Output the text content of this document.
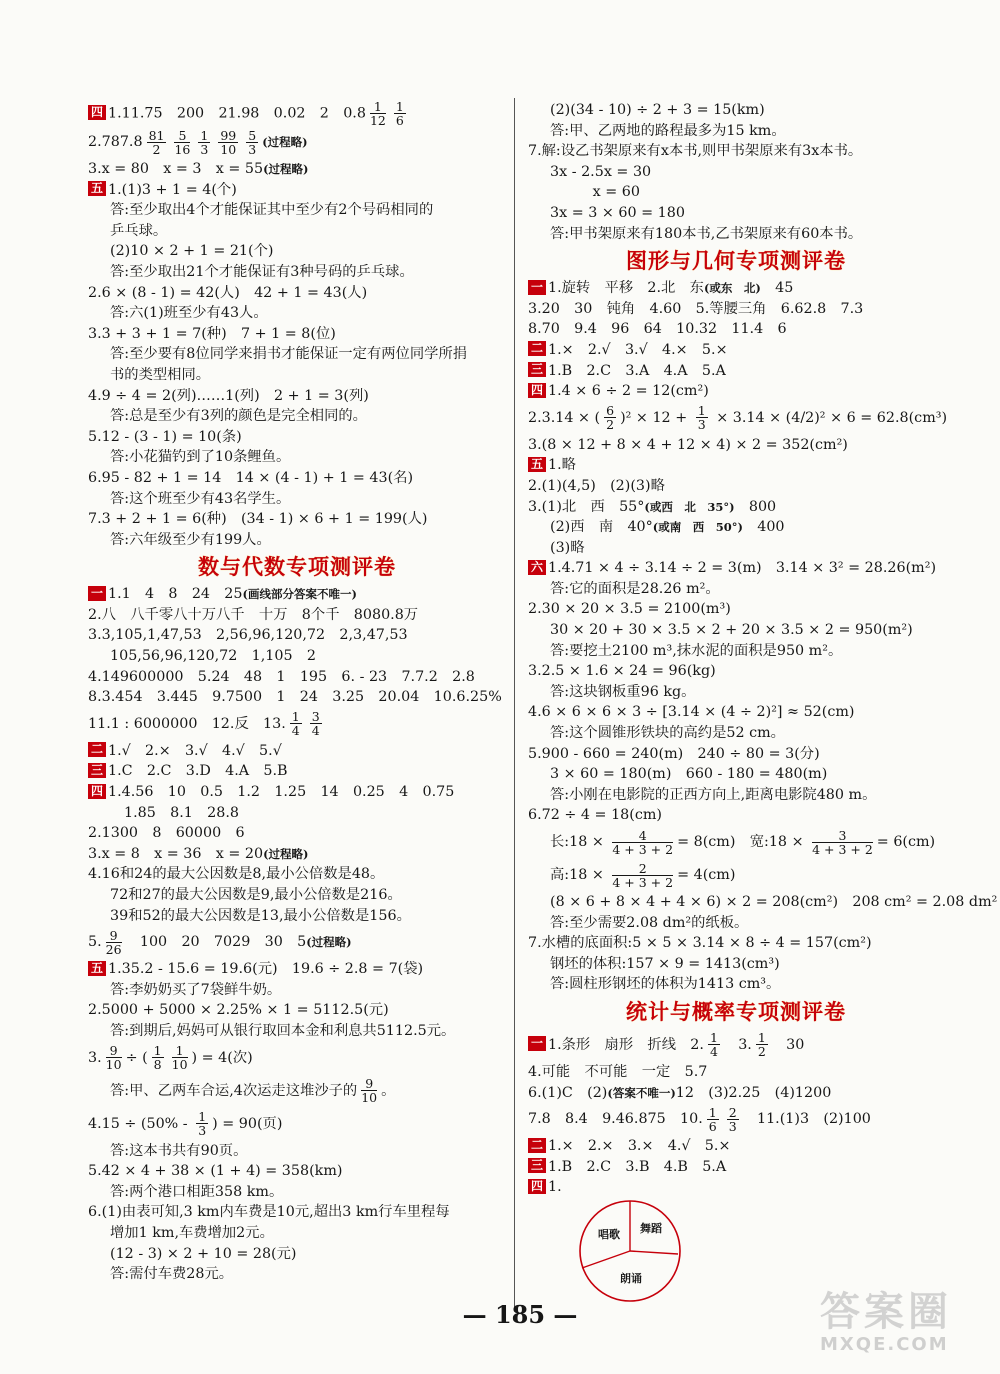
四 1.11.75　200　21.98　0.02　2　$0.8 \frac{1}{12} \frac{1}{6}$
$2.787.8 \frac{81}{2} \frac{5}{16} \frac{1}{3} \frac{99}{10} \frac{5}{3}$ (过程略)
3.x = 80　x = 3　x = 55(过程略)
五 1.(1)3 + 1 = 4(个)
答:至少取出4个才能保证其中至少有2个号码相同的
乒乓球。
(2)10 × 2 + 1 = 21(个)
答:至少取出21个才能保证有3种号码的乒乓球。
2.6 × (8 - 1) = 42(人)　42 + 1 = 43(人)
答:六(1)班至少有43人。
3.3 + 3 + 1 = 7(种)　7 + 1 = 8(位)
答:至少要有8位同学来捐书才能保证一定有两位同学所捐
书的类型相同。
4.9 ÷ 4 = 2(列)……1(列)　2 + 1 = 3(列)
答:总是至少有3列的颜色是完全相同的。
5.12 - (3 - 1) = 10(条)
答:小花猫钓到了10条鲤鱼。
6.95 - 82 + 1 = 14　14 × (4 - 1) + 1 = 43(名)
答:这个班至少有43名学生。
7.3 + 2 + 1 = 6(种)　(34 - 1) × 6 + 1 = 199(人)
答:六年级至少有199人。
数与代数专项测评卷
一 1.1　4　8　24　25(画线部分答案不唯一)
2.八　八千零八十万八千　十万　8个千　8080.8万
3.3,105,1,47,53　2,56,96,120,72　2,3,47,53
105,56,96,120,72　1,105　2
4.149600000　5.24　48　1　195　6. - 23　7.7.2　2.8
8.3.454　3.445　9.7500　1　24　3.25　20.04　10.6.25%
11.1 : 6000000　12.反　13. $\frac{1}{4} \frac{3}{4}$
二 1.√　2.×　3.√　4.√　5.√
三 1.C　2.C　3.D　4.A　5.B
四 1.4.56　10　0.5　1.2　1.25　14　0.25　4　0.75
1.85　8.1　28.8
2.1300　8　60000　6
3.x = 8　x = 36　x = 20(过程略)
4.16和24的最大公因数是8,最小公倍数是48。
72和27的最大公因数是9,最小公倍数是216。
39和52的最大公因数是13,最小公倍数是156。
5. $\frac{9}{26}$ 　100　20　7029　30　5(过程略)
五 1.35.2 - 15.6 = 19.6(元)　19.6 ÷ 2.8 = 7(袋)
答:李奶奶买了7袋鲜牛奶。
2.5000 + 5000 × 2.25% × 1 = 5112.5(元)
答:到期后,妈妈可从银行取回本金和利息共5112.5元。
3. $\frac{9}{10}$ ÷ ( $\frac{1}{8} \frac{1}{10}$ ) = 4(次)
答:甲、乙两车合运,4次运走这堆沙子的 $\frac{9}{10}$ 。
$4.15 \div (50\% - \frac{1}{3}$ ) = 90(页)
答:这本书共有90页。
5.42 × 4 + 38 × (1 + 4) = 358(km)
答:两个港口相距358 km。
6.(1)由表可知,3 km内车费是10元,超出3 km行车里程每
增加1 km,车费增加2元。
(12 - 3) × 2 + 10 = 28(元)
答:需付车费28元。
(2)(34 - 10) ÷ 2 + 3 = 15(km)
答:甲、乙两地的路程最多为15 km。
7.解:设乙书架原来有x本书,则甲书架原来有3x本书。
3x - 2.5x = 30
　　x = 60
3x = 3 × 60 = 180
答:甲书架原来有180本书,乙书架原来有60本书。
图形与几何专项测评卷
一 1.旋转　平移　2.北　东(或东　北)　45
3.20　30　钝角　4.60　5.等腰三角　6.62.8　7.3
8.70　9.4　96　64　10.32　11.4　6
二 1.×　2.√　3.√　4.×　5.×
三 1.B　2.C　3.A　4.A　5.A
四 1.4 × 6 ÷ 2 = 12(cm²)
2.3.14 × ( $\frac{6}{2} )^2 \times 12 + \frac{1}{3} \times 3.14 \times (4/2)^2 \times 6 = 62.8(cm^3)$
3.(8 × 12 + 8 × 4 + 12 × 4) × 2 = 352(cm²)
五 1.略
2.(1)(4,5)　(2)(3)略
3.(1)北　西　55°(或西　北　35°)　800
(2)西　南　40°(或南　西　50°)　400
(3)略
六 1.4.71 × 4 ÷ 3.14 ÷ 2 = 3(m)　3.14 × 3² = 28.26(m²)
答:它的面积是28.26 m²。
2.30 × 20 × 3.5 = 2100(m³)
30 × 20 + 30 × 3.5 × 2 + 20 × 3.5 × 2 = 950(m²)
答:要挖土2100 m³,抹水泥的面积是950 m²。
3.2.5 × 1.6 × 24 = 96(kg)
答:这块钢板重96 kg。
4.6 × 6 × 6 × 3 ÷ [3.14 × (4 ÷ 2)²] ≈ 52(cm)
答:这个圆锥形铁块的高约是52 cm。
5.900 - 660 = 240(m)　240 ÷ 80 = 3(分)
3 × 60 = 180(m)　660 - 180 = 480(m)
答:小刚在电影院的正西方向上,距离电影院480 m。
6.72 ÷ 4 = 18(cm)
长:18 × $\frac{4}{4 + 3 + 2} = 8(cm)$　宽:18 × $\frac{3}{4 + 3 + 2} = 6(cm)$
高:18 × $\frac{2}{4 + 3 + 2} = 4(cm)$
(8 × 6 + 8 × 4 + 4 × 6) × 2 = 208(cm²)　208 cm² = 2.08 dm²
答:至少需要2.08 dm²的纸板。
7.水槽的底面积:5 × 5 × 3.14 × 8 ÷ 4 = 157(cm²)
钢坯的体积:157 × 9 = 1413(cm³)
答:圆柱形钢坯的体积为1413 cm³。
统计与概率专项测评卷
一 1.条形　扇形　折线　2. $\frac{1}{4}$ 　3. $\frac{1}{2}$ 　30
4.可能　不可能　一定　5.7
6.(1)C　(2)(答案不唯一)12　(3)2.25　(4)1200
7.8　8.4　9.46.875　10. $\frac{1}{6} \frac{2}{3}$ 　11.(1)3　(2)100
二 1.×　2.×　3.×　4.√　5.×
三 1.B　2.C　3.B　4.B　5.A
四 1.
唱歌 舞蹈
朗诵
— 185 —	答案圈
MXQE.COM
